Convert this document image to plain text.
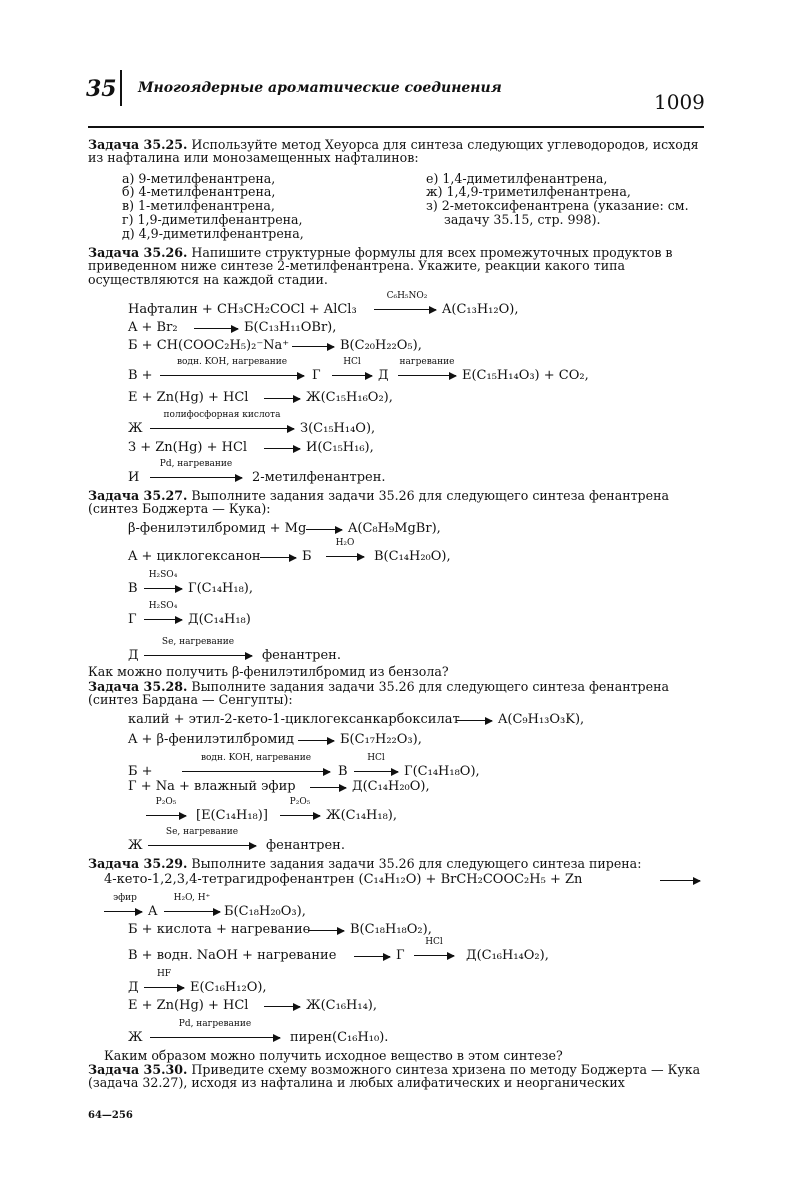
35 Многоядерные ароматические соединения
1009
Задача 35.25. Используйте метод Хеуорса для синтеза следующих углеводородов, исходя из нафталина или монозамещенных нафталинов:
а) 9-метилфенантрена,
б) 4-метилфенантрена,
в) 1-метилфенантрена,
г) 1,9-диметилфенантрена,
д) 4,9-диметилфенантрена,
е) 1,4-диметилфенантрена,
ж) 1,4,9-триметилфенантрена,
з) 2-метоксифенантрена (указание: см.
задачу 35.15, стр. 998).
Задача 35.26. Напишите структурные формулы для всех промежуточных продуктов в приведенном ниже синтезе 2-метилфенантрена. Укажите, реакции какого типа осуществляются на каждой стадии.
Нафталин + CH₃CH₂COCl + AlCl₃
C₆H₅NO₂
→ A(C₁₃H₁₂O),
A + Br₂ → Б(C₁₃H₁₁OBr),
Б + CH(COOC₂H₅)₂⁻Na⁺ → B(C₂₀H₂₂O₅),
B +
водн. KOH, нагревание
Г
HCl
→ Д
нагревание
→ E(C₁₅H₁₄O₃) + CO₂,
E + Zn(Hg) + HCl → Ж(C₁₅H₁₆O₂),
Ж
полифосфорная кислота
З(C₁₅H₁₄O),
З + Zn(Hg) + HCl → И(C₁₅H₁₆),
И
Pd, нагревание
2-метилфенантрен.
Задача 35.27. Выполните задания задачи 35.26 для следующего синтеза фенантрена (синтез Боджерта — Кука):
β-фенилэтилбромид + Mg → A(C₈H₉MgBr),
A + циклогексанон → Б
H₂O
→ B(C₁₄H₂₀O),
B
H₂SO₄
→ Г(C₁₄H₁₈),
Г
H₂SO₄
→ Д(C₁₄H₁₈)
Д
Se, нагревание
фенантрен.
Как можно получить β-фенилэтилбромид из бензола?
Задача 35.28. Выполните задания задачи 35.26 для следующего синтеза фенантрена (синтез Бардана — Сенгупты):
калий + этил-2-кето-1-циклогексанкарбоксилат → A(C₉H₁₃O₃K),
A + β-фенилэтилбромид → Б(C₁₇H₂₂O₃),
Б +
водн. KOH, нагревание
B
HCl
→ Г(C₁₄H₁₈O),
Г + Na + влажный эфир → Д(C₁₄H₂₀O),
P₂O₅
→ [E(C₁₄H₁₈)]
P₂O₅
→ Ж(C₁₄H₁₈),
Ж
Se, нагревание
фенантрен.
Задача 35.29. Выполните задания задачи 35.26 для следующего синтеза пирена:
4-кето-1,2,3,4-тетрагидрофенантрен (C₁₄H₁₂O) + BrCH₂COOC₂H₅ + Zn
эфир
→ A
H₂O, H⁺
→ Б(C₁₈H₂₀O₃),
Б + кислота + нагревание → B(C₁₈H₁₈O₂),
B + водн. NaOH + нагревание → Г
HCl
→ Д(C₁₆H₁₄O₂),
Д
HF
→ E(C₁₆H₁₂O),
E + Zn(Hg) + HCl → Ж(C₁₆H₁₄),
Ж
Pd, нагревание
пирен(C₁₆H₁₀).
Каким образом можно получить исходное вещество в этом синтезе?
Задача 35.30. Приведите схему возможного синтеза хризена по методу Боджерта — Кука (задача 32.27), исходя из нафталина и любых алифатических и неорганических
64—256
